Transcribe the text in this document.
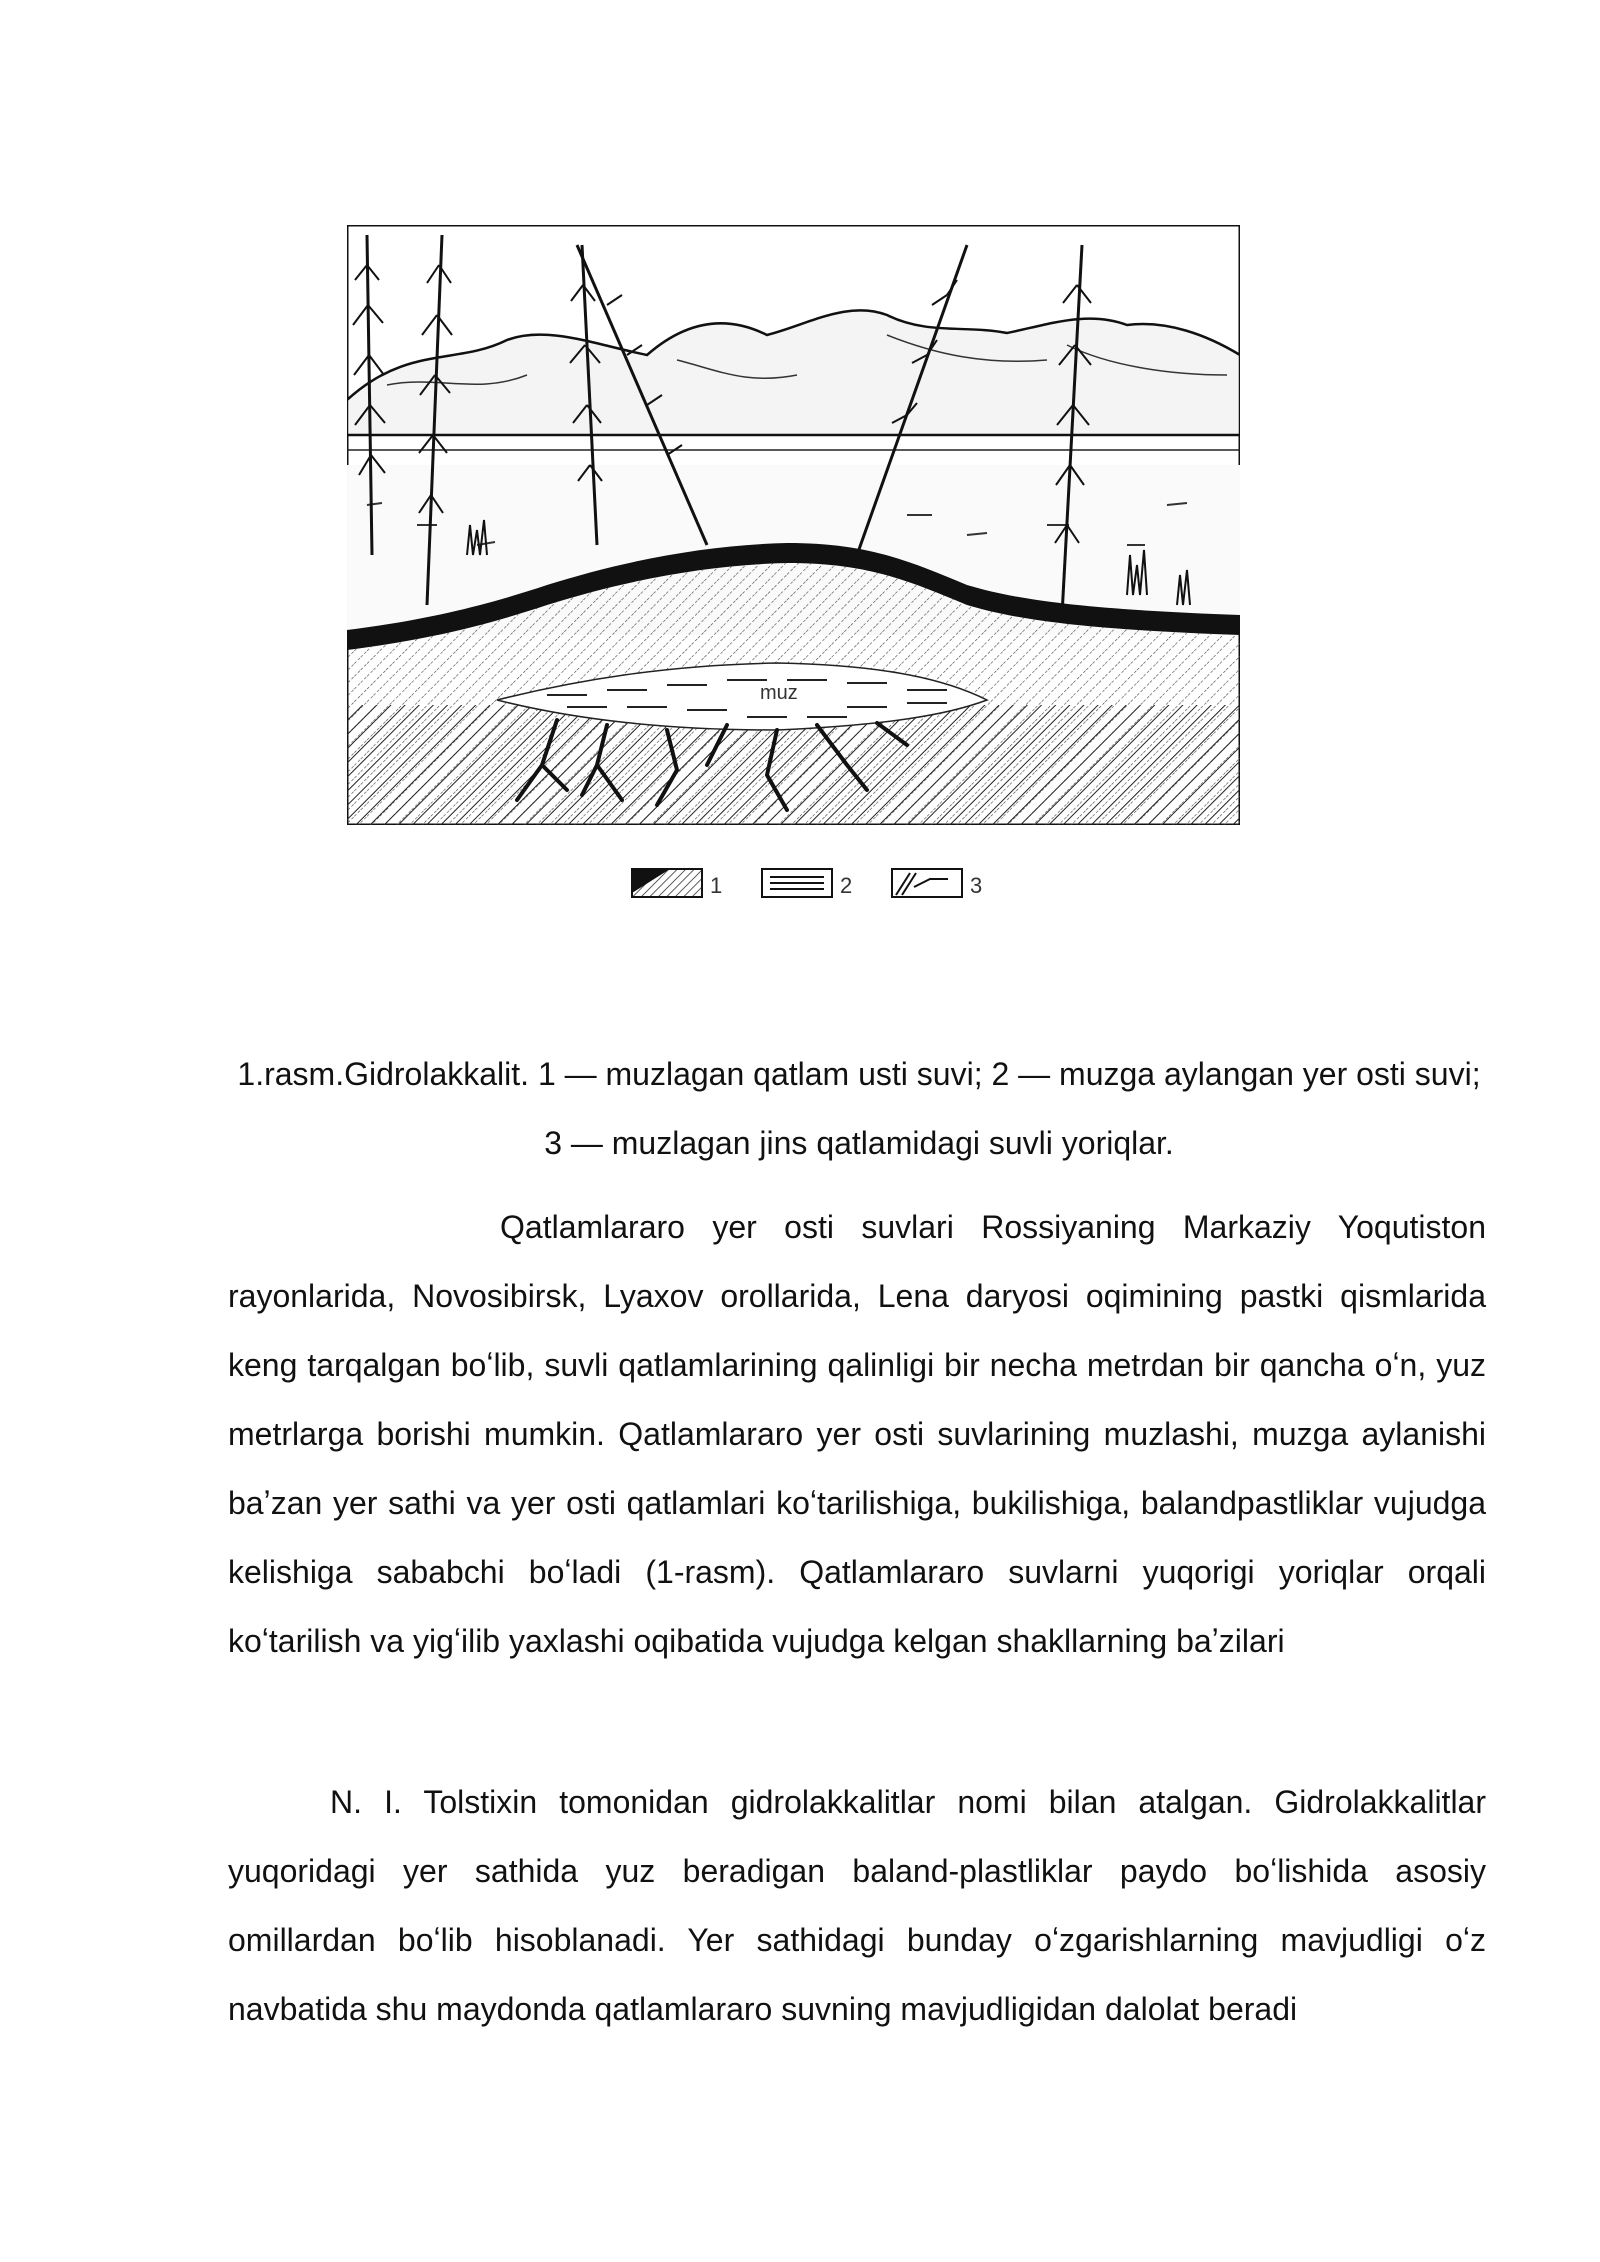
muz
1	2	3
1.rasm.Gidrolakkalit. 1 — muzlagan qatlam usti suvi; 2 — muzga aylangan yer osti suvi; 3 — muzlagan jins qatlamidagi suvli yoriqlar.

Qatlamlararo yer osti suvlari Rossiyaning Markaziy Yoqutiston rayonlarida, Novosibirsk, Lyaxov orollarida, Lena daryosi oqimining pastki qismlarida keng tarqalgan boʻlib, suvli qatlamlarining qalinligi bir necha metrdan bir qancha oʻn, yuz metrlarga borishi mumkin. Qatlamlararo yer osti suvlarining muzlashi, muzga aylanishi baʼzan yer sathi va yer osti qatlamlari koʻtarilishiga, bukilishiga, balandpastliklar vujudga kelishiga sababchi boʻladi (1-rasm). Qatlamlararo suvlarni yuqorigi yoriqlar orqali koʻtarilish va yigʻilib yaxlashi oqibatida vujudga kelgan shakllarning baʼzilari

N. I. Tolstixin tomonidan gidrolakkalitlar nomi bilan atalgan. Gidrolakkalitlar yuqoridagi yer sathida yuz beradigan baland-plastliklar paydo boʻlishida asosiy omillardan boʻlib hisoblanadi. Yer sathidagi bunday oʻzgarishlarning mavjudligi oʻz navbatida shu maydonda qatlamlararo suvning mavjudligidan dalolat beradi
